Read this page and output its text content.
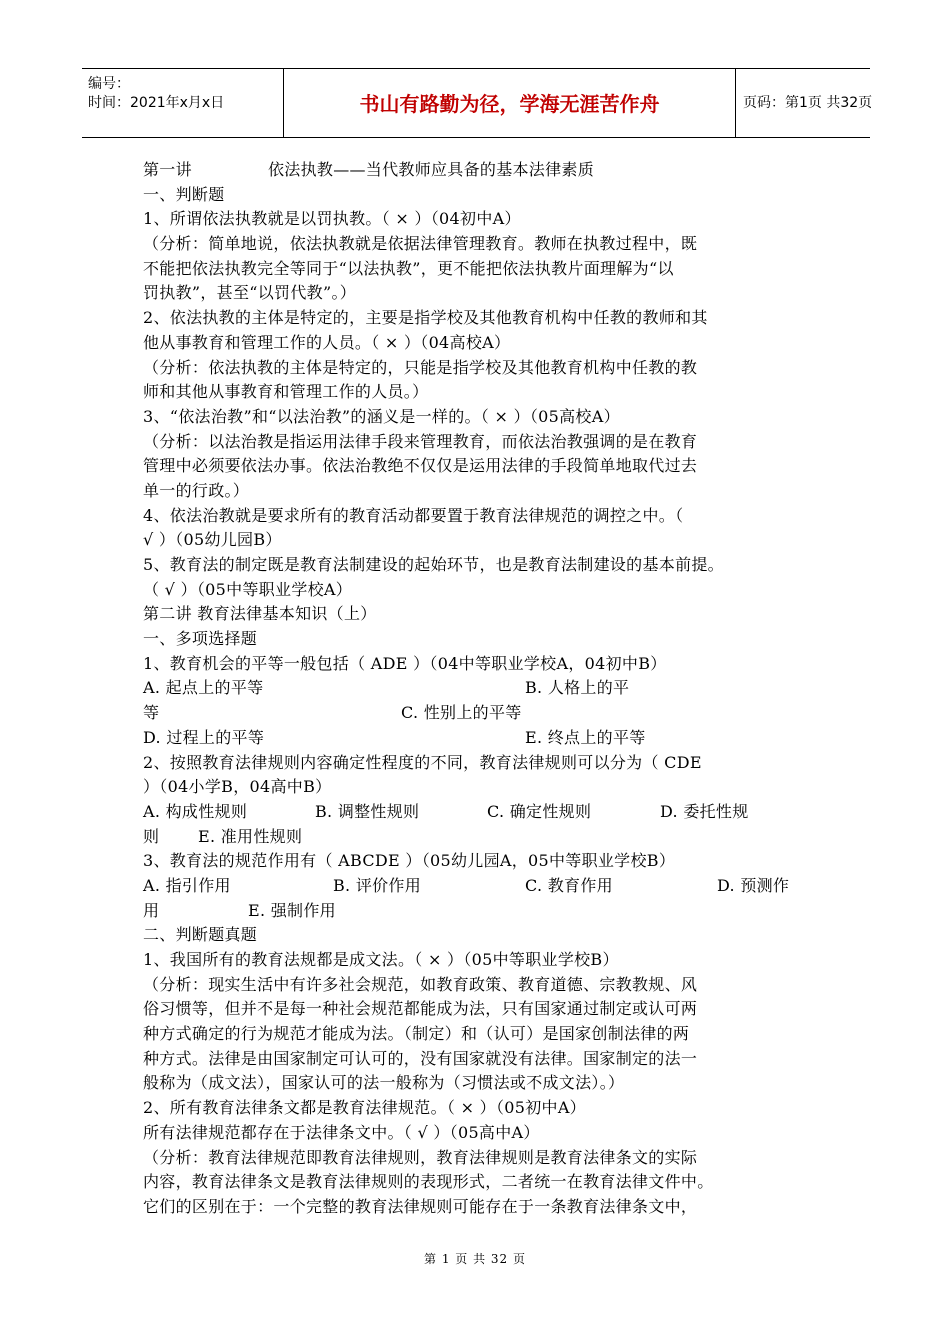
编号：
时间：2021年x月x日	书山有路勤为径，学海无涯苦作舟	页码：第1页 共32页
第一讲	依法执教——当代教师应具备的基本法律素质
一、判断题
1、所谓依法执教就是以罚执教。（ × ）（04初中A）
（分析：简单地说，依法执教就是依据法律管理教育。教师在执教过程中，既
不能把依法执教完全等同于“以法执教”，更不能把依法执教片面理解为“以
罚执教”，甚至“以罚代教”。）
2、依法执教的主体是特定的，主要是指学校及其他教育机构中任教的教师和其
他从事教育和管理工作的人员。（ × ）（04高校A）
（分析：依法执教的主体是特定的，只能是指学校及其他教育机构中任教的教
师和其他从事教育和管理工作的人员。）
3、“依法治教”和“以法治教”的涵义是一样的。（ × ）（05高校A）
（分析：以法治教是指运用法律手段来管理教育，而依法治教强调的是在教育
管理中必须要依法办事。依法治教绝不仅仅是运用法律的手段简单地取代过去
单一的行政。）
4、依法治教就是要求所有的教育活动都要置于教育法律规范的调控之中。（
√ ）（05幼儿园B）
5、教育法的制定既是教育法制建设的起始环节，也是教育法制建设的基本前提。
（ √ ）（05中等职业学校A）
第二讲 教育法律基本知识（上）
一、多项选择题
1、教育机会的平等一般包括（ ADE ）（04中等职业学校A，04初中B）
A. 起点上的平等	B. 人格上的平
等	C. 性别上的平等
D. 过程上的平等	E. 终点上的平等
2、按照教育法律规则内容确定性程度的不同，教育法律规则可以分为（ CDE
）（04小学B，04高中B）
A. 构成性规则	B. 调整性规则	C. 确定性规则	D. 委托性规
则 E. 准用性规则
3、教育法的规范作用有（ ABCDE ）（05幼儿园A，05中等职业学校B）
A. 指引作用	B. 评价作用	C. 教育作用	D. 预测作
用	E. 强制作用
二、判断题真题
1、我国所有的教育法规都是成文法。（ × ）（05中等职业学校B）
（分析：现实生活中有许多社会规范，如教育政策、教育道德、宗教教规、风
俗习惯等，但并不是每一种社会规范都能成为法，只有国家通过制定或认可两
种方式确定的行为规范才能成为法。（制定）和（认可）是国家创制法律的两
种方式。法律是由国家制定可认可的，没有国家就没有法律。国家制定的法一
般称为（成文法），国家认可的法一般称为（习惯法或不成文法）。）
2、所有教育法律条文都是教育法律规范。（ × ）（05初中A）
所有法律规范都存在于法律条文中。（ √ ）（05高中A）
（分析：教育法律规范即教育法律规则，教育法律规则是教育法律条文的实际
内容，教育法律条文是教育法律规则的表现形式，二者统一在教育法律文件中。
它们的区别在于：一个完整的教育法律规则可能存在于一条教育法律条文中，
第 1 页 共 32 页
